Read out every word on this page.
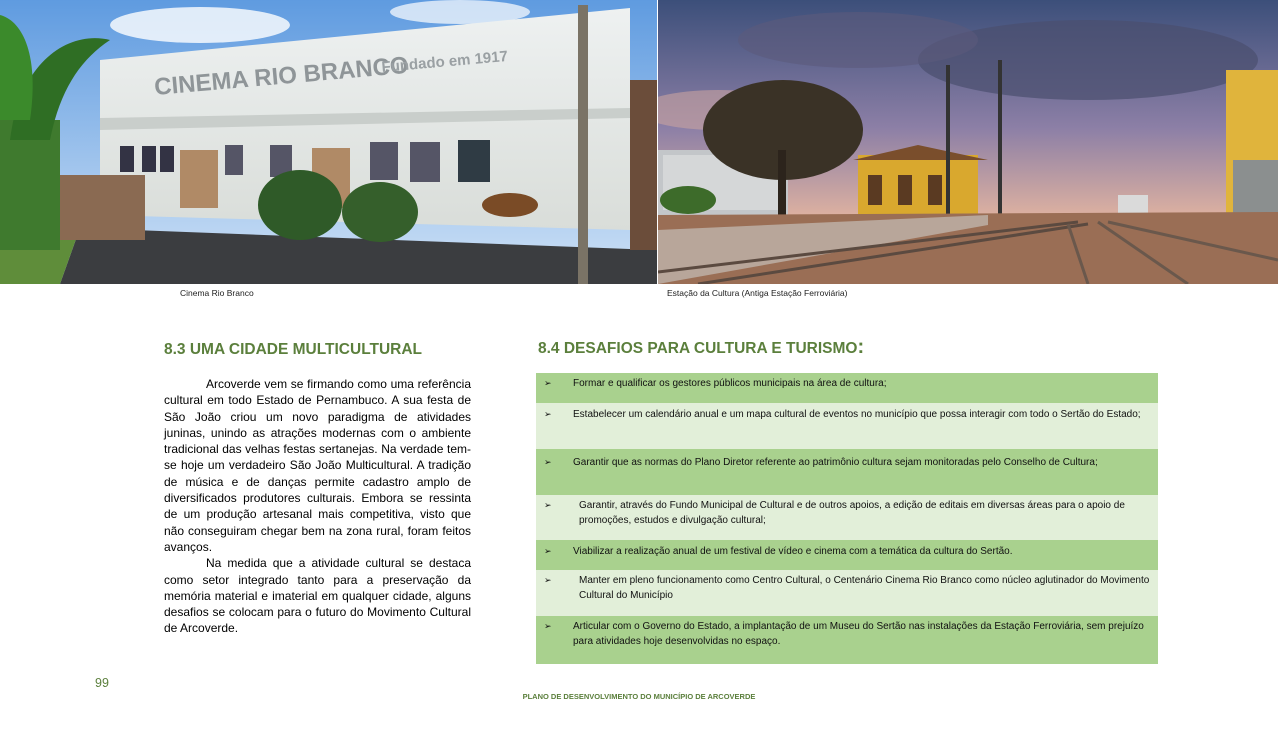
CINEMA RIO BRANCO
Fundado em 1917
Cinema Rio Branco	Estação da Cultura (Antiga Estação Ferroviária)
8.3 UMA CIDADE MULTICULTURAL

Arcoverde vem se firmando como uma referência cultural em todo Estado de Pernambuco. A sua festa de São João criou um novo paradigma de atividades juninas, unindo as atrações modernas com o ambiente tradicional das velhas festas sertanejas. Na verdade tem-se hoje um verdadeiro São João Multicultural. A tradição de música e de danças permite cadastro amplo de diversificados produtores culturais. Embora se ressinta de um produção artesanal mais competitiva, visto que não conseguiram chegar bem na zona rural, foram feitos avanços.

Na medida que a atividade cultural se destaca como setor integrado tanto para a preservação da memória material e imaterial em qualquer cidade, alguns desafios se colocam para o futuro do Movimento Cultural de Arcoverde.

8.4 DESAFIOS PARA CULTURA E TURISMO:
➢ Formar e qualificar os gestores públicos municipais na área de cultura;
➢ Estabelecer um calendário anual e um mapa cultural de eventos no município que possa interagir com todo o Sertão do Estado;
➢ Garantir que as normas do Plano Diretor referente ao patrimônio cultura sejam monitoradas pelo Conselho de Cultura;
➢	Garantir, através do Fundo Municipal de Cultural e de outros apoios, a edição de editais em diversas áreas para o apoio de promoções, estudos e divulgação cultural;
➢ Viabilizar a realização anual de um festival de vídeo e cinema com a temática da cultura do Sertão.
➢	Manter em pleno funcionamento como Centro Cultural, o Centenário Cinema Rio Branco como núcleo aglutinador do Movimento Cultural do Município
➢ Articular com o Governo do Estado, a implantação de um Museu do Sertão nas instalações da Estação Ferroviária, sem prejuízo para atividades hoje desenvolvidas no espaço.
99
PLANO DE DESENVOLVIMENTO DO MUNICÍPIO DE ARCOVERDE
